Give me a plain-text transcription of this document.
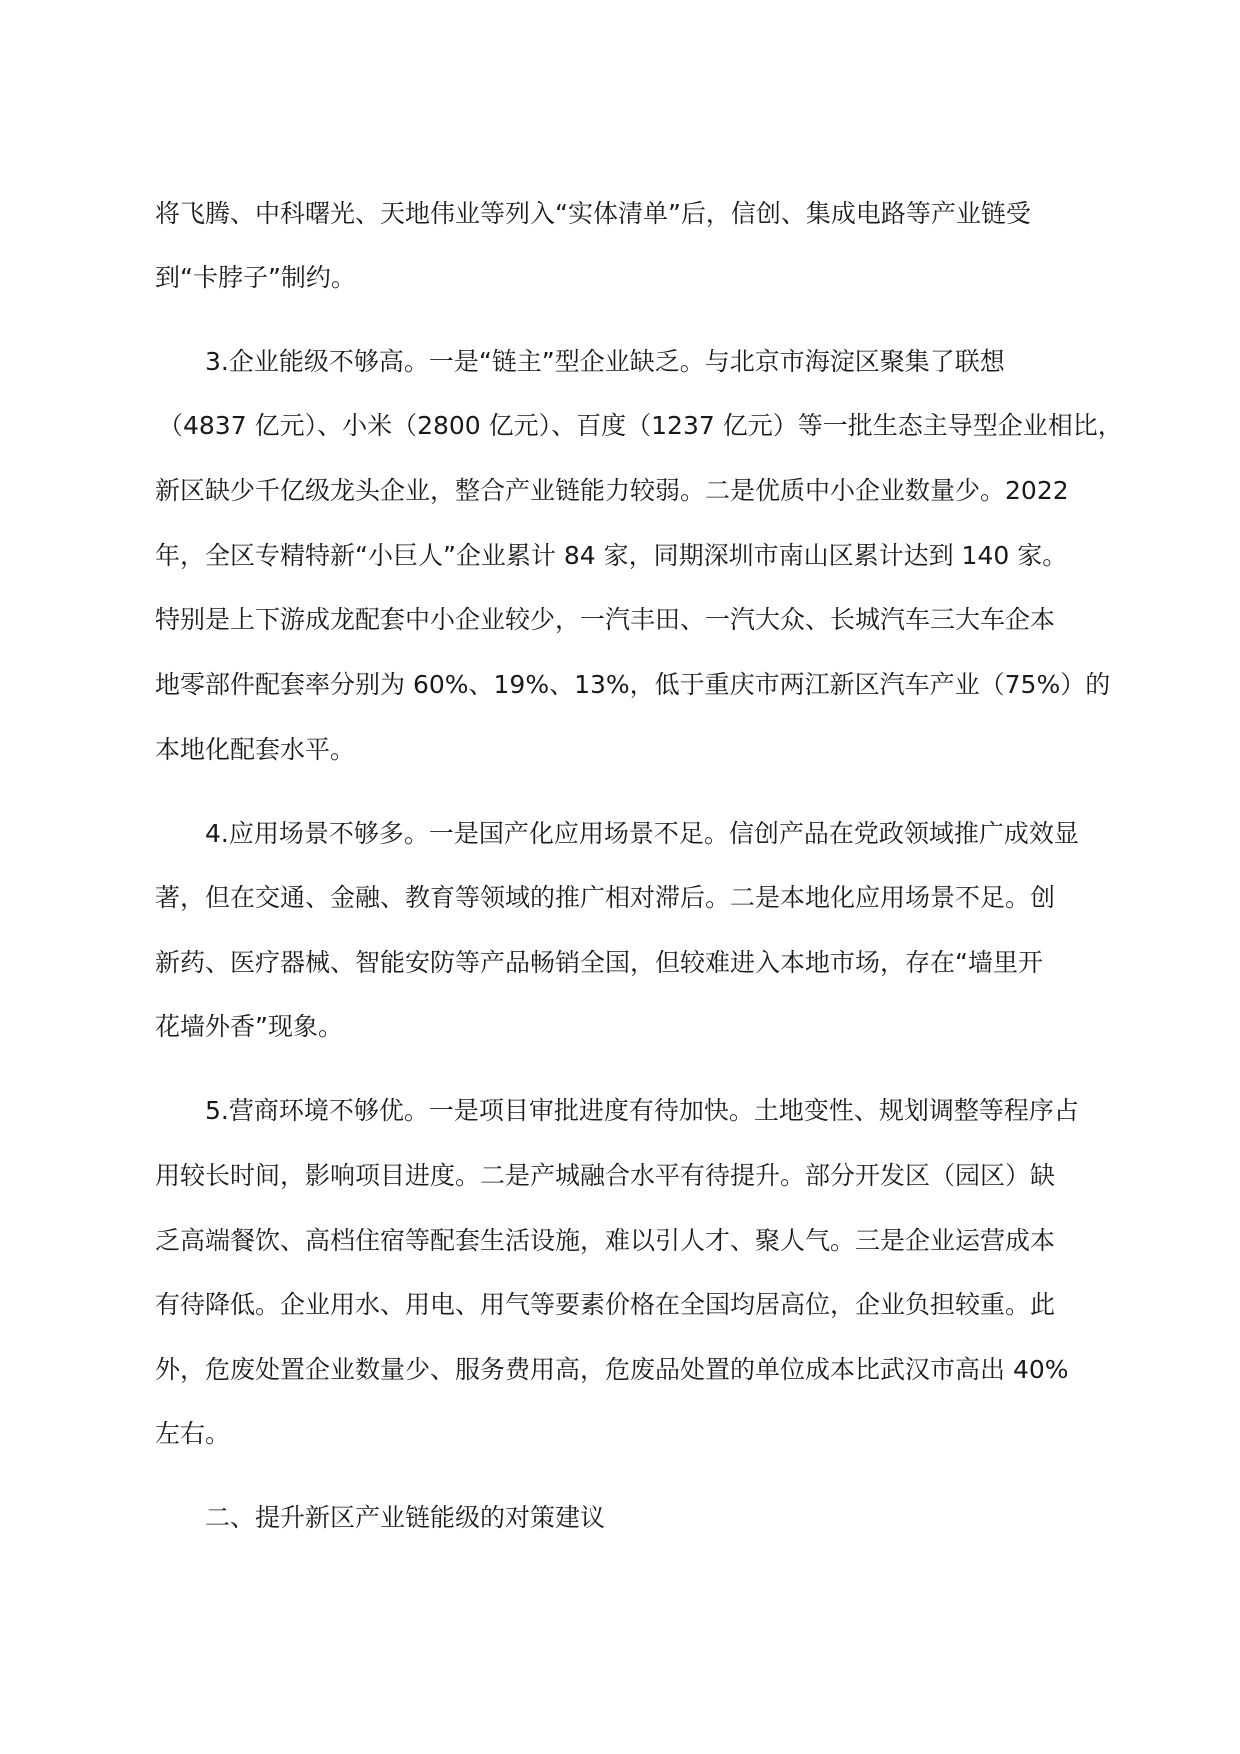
将飞腾、中科曙光、天地伟业等列入“实体清单”后，信创、集成电路等产业链受
到“卡脖子”制约。
3.企业能级不够高。一是“链主”型企业缺乏。与北京市海淀区聚集了联想
（4837 亿元）、小米（2800 亿元）、百度（1237 亿元）等一批生态主导型企业相比，
新区缺少千亿级龙头企业，整合产业链能力较弱。二是优质中小企业数量少。2022
年，全区专精特新“小巨人”企业累计 84 家，同期深圳市南山区累计达到 140 家。
特别是上下游成龙配套中小企业较少，一汽丰田、一汽大众、长城汽车三大车企本
地零部件配套率分别为 60%、19%、13%，低于重庆市两江新区汽车产业（75%）的
本地化配套水平。
4.应用场景不够多。一是国产化应用场景不足。信创产品在党政领域推广成效显
著，但在交通、金融、教育等领域的推广相对滞后。二是本地化应用场景不足。创
新药、医疗器械、智能安防等产品畅销全国，但较难进入本地市场，存在“墙里开
花墙外香”现象。
5.营商环境不够优。一是项目审批进度有待加快。土地变性、规划调整等程序占
用较长时间，影响项目进度。二是产城融合水平有待提升。部分开发区（园区）缺
乏高端餐饮、高档住宿等配套生活设施，难以引人才、聚人气。三是企业运营成本
有待降低。企业用水、用电、用气等要素价格在全国均居高位，企业负担较重。此
外，危废处置企业数量少、服务费用高，危废品处置的单位成本比武汉市高出 40%
左右。
二、提升新区产业链能级的对策建议
